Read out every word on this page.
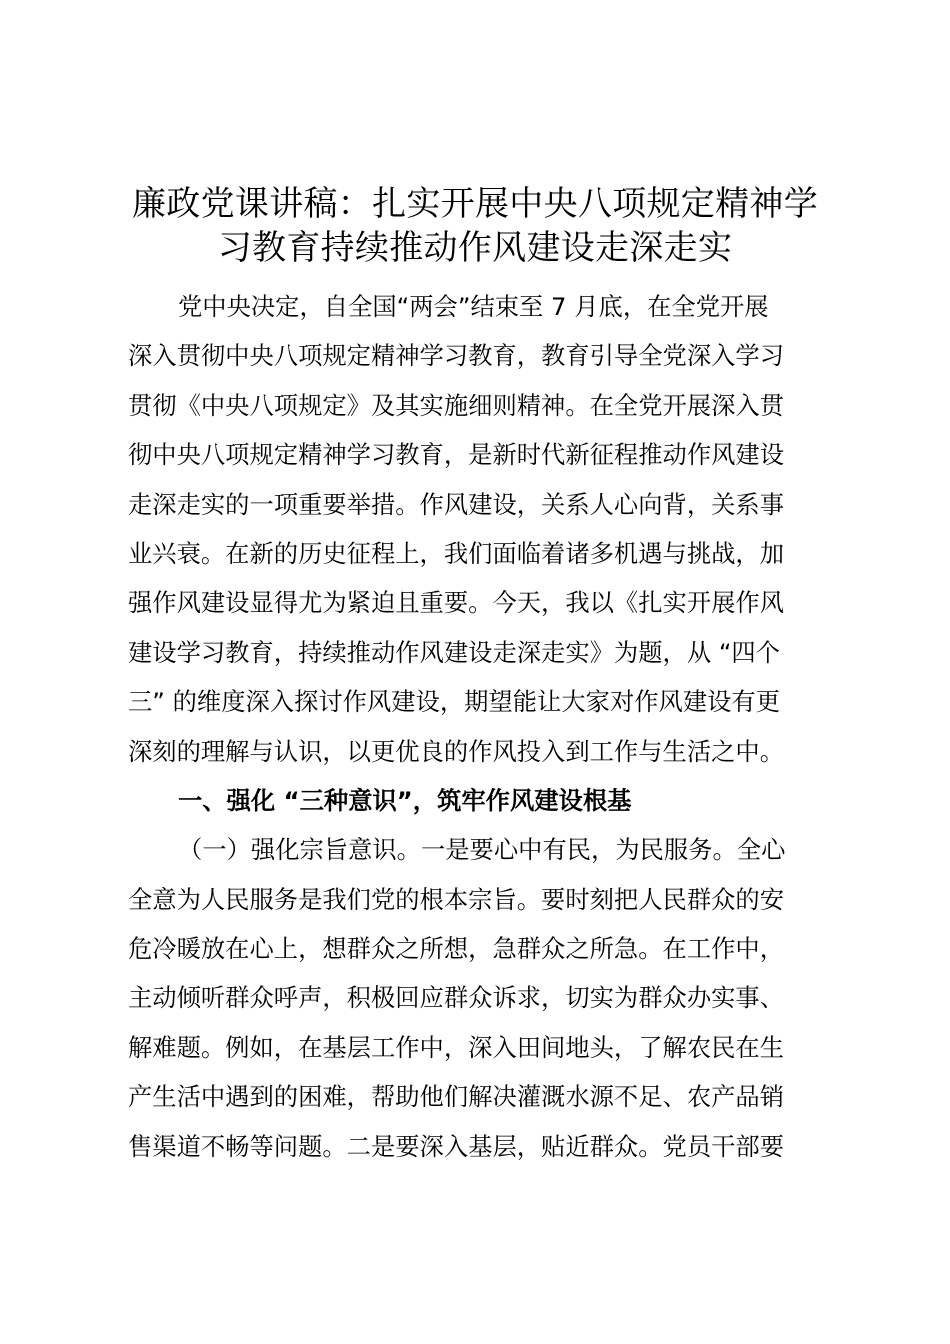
廉政党课讲稿：扎实开展中央八项规定精神学
习教育持续推动作风建设走深走实
党中央决定，自全国“两会”结束至 7 月底，在全党开展
深入贯彻中央八项规定精神学习教育，教育引导全党深入学习
贯彻《中央八项规定》及其实施细则精神。在全党开展深入贯
彻中央八项规定精神学习教育，是新时代新征程推动作风建设
走深走实的一项重要举措。作风建设，关系人心向背，关系事
业兴衰。在新的历史征程上，我们面临着诸多机遇与挑战，加
强作风建设显得尤为紧迫且重要。今天，我以《扎实开展作风
建设学习教育，持续推动作风建设走深走实》为题，从 “四个
三” 的维度深入探讨作风建设，期望能让大家对作风建设有更
深刻的理解与认识，以更优良的作风投入到工作与生活之中。
一、强化 “三种意识”，筑牢作风建设根基
（一）强化宗旨意识。一是要心中有民，为民服务。全心
全意为人民服务是我们党的根本宗旨。要时刻把人民群众的安
危冷暖放在心上，想群众之所想，急群众之所急。在工作中，
主动倾听群众呼声，积极回应群众诉求，切实为群众办实事、
解难题。例如，在基层工作中，深入田间地头，了解农民在生
产生活中遇到的困难，帮助他们解决灌溉水源不足、农产品销
售渠道不畅等问题。二是要深入基层，贴近群众。党员干部要
